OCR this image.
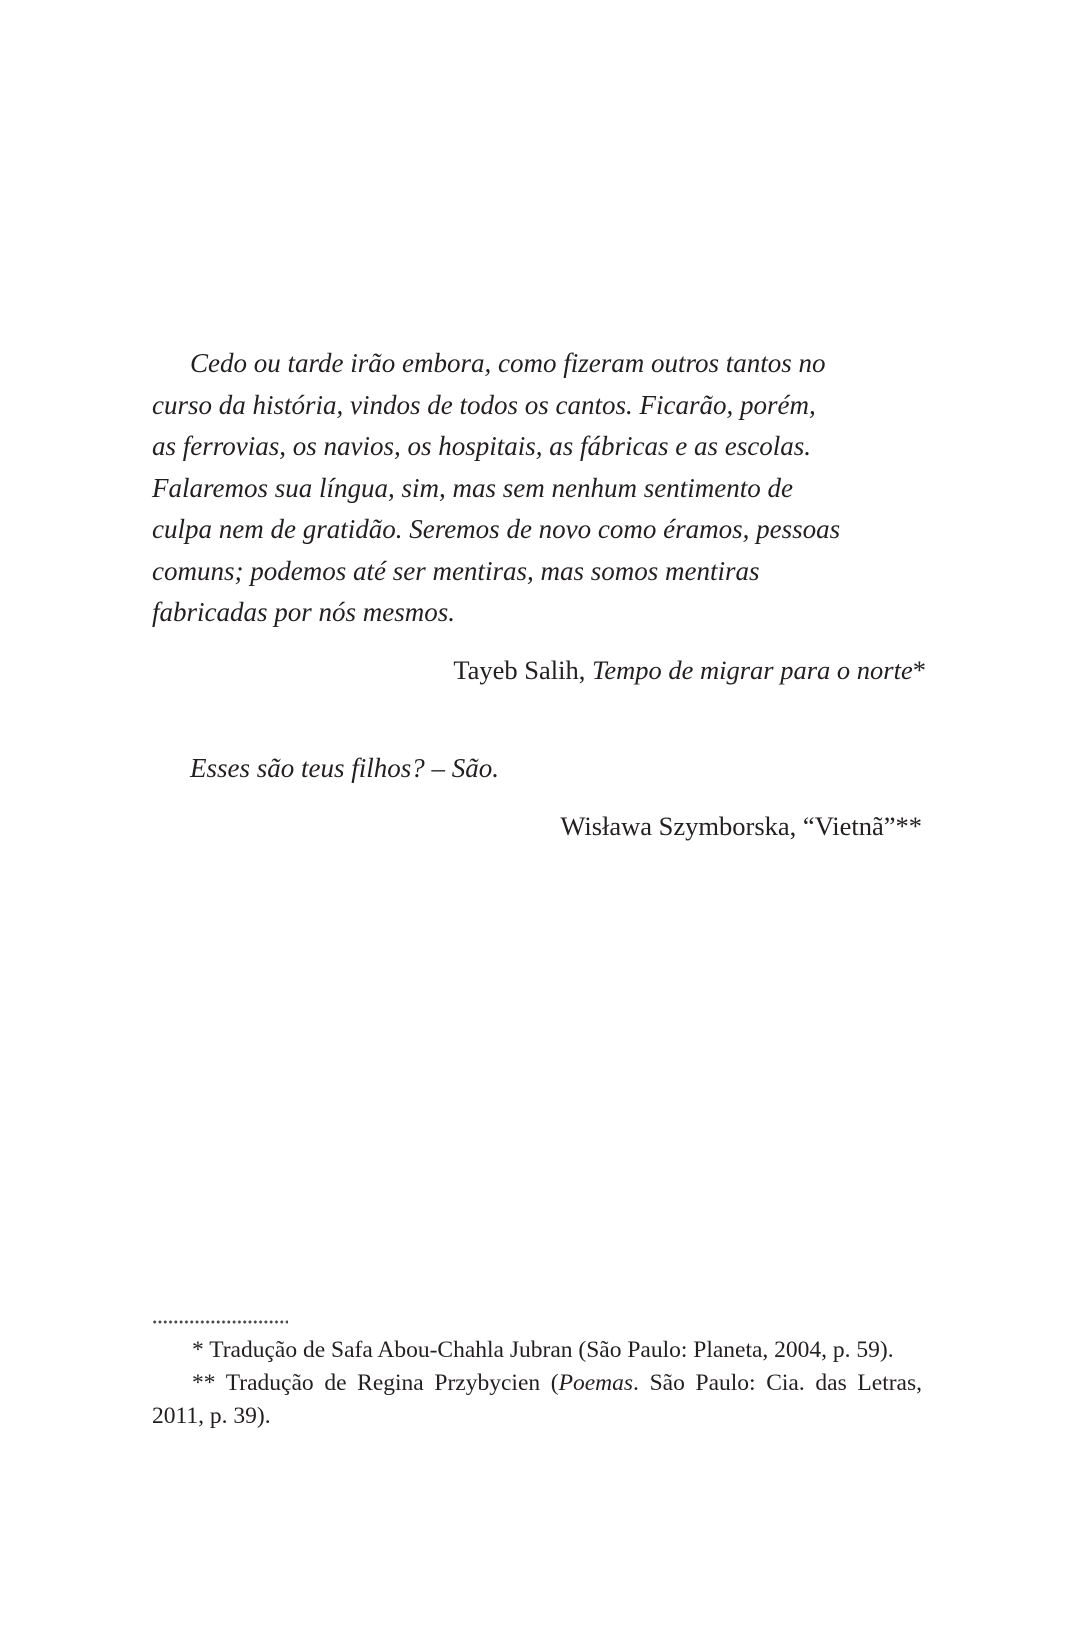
Cedo ou tarde irão embora, como fizeram outros tantos no
curso da história, vindos de todos os cantos. Ficarão, porém,
as ferrovias, os navios, os hospitais, as fábricas e as escolas.
Falaremos sua língua, sim, mas sem nenhum sentimento de
culpa nem de gratidão. Seremos de novo como éramos, pessoas
comuns; podemos até ser mentiras, mas somos mentiras
fabricadas por nós mesmos.

Tayeb Salih, Tempo de migrar para o norte*

Esses são teus filhos? – São.

Wisława Szymborska, “Vietnã”**

* Tradução de Safa Abou-Chahla Jubran (São Paulo: Planeta, 2004, p. 59).

** Tradução de Regina Przybycien (Poemas. São Paulo: Cia. das Letras, 2011, p. 39).
